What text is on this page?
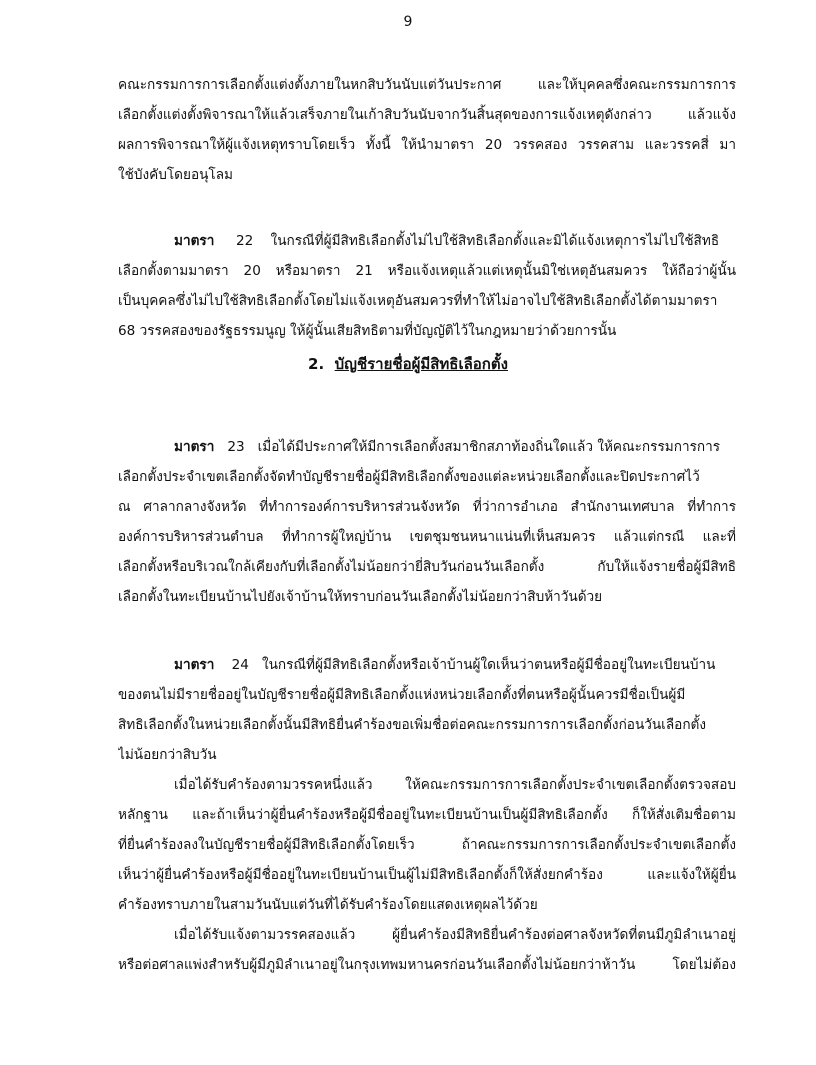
9
คณะกรรมการการเลือกตั้งแต่งตั้งภายในหกสิบวันนับแต่วันประกาศ และให้บุคคลซึ่งคณะกรรมการการ
เลือกตั้งแต่งตั้งพิจารณาให้แล้วเสร็จภายในเก้าสิบวันนับจากวันสิ้นสุดของการแจ้งเหตุดังกล่าว แล้วแจ้ง
ผลการพิจารณาให้ผู้แจ้งเหตุทราบโดยเร็ว ทั้งนี้ ให้นำมาตรา 20 วรรคสอง วรรคสาม และวรรคสี่ มา
ใช้บังคับโดยอนุโลม
มาตรา 22 ในกรณีที่ผู้มีสิทธิเลือกตั้งไม่ไปใช้สิทธิเลือกตั้งและมิได้แจ้งเหตุการไม่ไปใช้สิทธิ
เลือกตั้งตามมาตรา 20 หรือมาตรา 21 หรือแจ้งเหตุแล้วแต่เหตุนั้นมิใช่เหตุอันสมควร ให้ถือว่าผู้นั้น
เป็นบุคคลซึ่งไม่ไปใช้สิทธิเลือกตั้งโดยไม่แจ้งเหตุอันสมควรที่ทำให้ไม่อาจไปใช้สิทธิเลือกตั้งได้ตามมาตรา
68 วรรคสองของรัฐธรรมนูญ ให้ผู้นั้นเสียสิทธิตามที่บัญญัติไว้ในกฎหมายว่าด้วยการนั้น
2. บัญชีรายชื่อผู้มีสิทธิเลือกตั้ง
มาตรา 23 เมื่อได้มีประกาศให้มีการเลือกตั้งสมาชิกสภาท้องถิ่นใดแล้ว ให้คณะกรรมการการ
เลือกตั้งประจำเขตเลือกตั้งจัดทำบัญชีรายชื่อผู้มีสิทธิเลือกตั้งของแต่ละหน่วยเลือกตั้งและปิดประกาศไว้
ณ ศาลากลางจังหวัด ที่ทำการองค์การบริหารส่วนจังหวัด ที่ว่าการอำเภอ สำนักงานเทศบาล ที่ทำการ
องค์การบริหารส่วนตำบล ที่ทำการผู้ใหญ่บ้าน เขตชุมชนหนาแน่นที่เห็นสมควร แล้วแต่กรณี และที่
เลือกตั้งหรือบริเวณใกล้เคียงกับที่เลือกตั้งไม่น้อยกว่ายี่สิบวันก่อนวันเลือกตั้ง กับให้แจ้งรายชื่อผู้มีสิทธิ
เลือกตั้งในทะเบียนบ้านไปยังเจ้าบ้านให้ทราบก่อนวันเลือกตั้งไม่น้อยกว่าสิบห้าวันด้วย
มาตรา 24 ในกรณีที่ผู้มีสิทธิเลือกตั้งหรือเจ้าบ้านผู้ใดเห็นว่าตนหรือผู้มีชื่ออยู่ในทะเบียนบ้าน
ของตนไม่มีรายชื่ออยู่ในบัญชีรายชื่อผู้มีสิทธิเลือกตั้งแห่งหน่วยเลือกตั้งที่ตนหรือผู้นั้นควรมีชื่อเป็นผู้มี
สิทธิเลือกตั้งในหน่วยเลือกตั้งนั้นมีสิทธิยื่นคำร้องขอเพิ่มชื่อต่อคณะกรรมการการเลือกตั้งก่อนวันเลือกตั้ง
ไม่น้อยกว่าสิบวัน
เมื่อได้รับคำร้องตามวรรคหนึ่งแล้ว ให้คณะกรรมการการเลือกตั้งประจำเขตเลือกตั้งตรวจสอบ
หลักฐาน และถ้าเห็นว่าผู้ยื่นคำร้องหรือผู้มีชื่ออยู่ในทะเบียนบ้านเป็นผู้มีสิทธิเลือกตั้ง ก็ให้สั่งเติมชื่อตาม
ที่ยื่นคำร้องลงในบัญชีรายชื่อผู้มีสิทธิเลือกตั้งโดยเร็ว ถ้าคณะกรรมการการเลือกตั้งประจำเขตเลือกตั้ง
เห็นว่าผู้ยื่นคำร้องหรือผู้มีชื่ออยู่ในทะเบียนบ้านเป็นผู้ไม่มีสิทธิเลือกตั้งก็ให้สั่งยกคำร้อง และแจ้งให้ผู้ยื่น
คำร้องทราบภายในสามวันนับแต่วันที่ได้รับคำร้องโดยแสดงเหตุผลไว้ด้วย
เมื่อได้รับแจ้งตามวรรคสองแล้ว ผู้ยื่นคำร้องมีสิทธิยื่นคำร้องต่อศาลจังหวัดที่ตนมีภูมิลำเนาอยู่
หรือต่อศาลแพ่งสำหรับผู้มีภูมิลำเนาอยู่ในกรุงเทพมหานครก่อนวันเลือกตั้งไม่น้อยกว่าห้าวัน โดยไม่ต้อง
